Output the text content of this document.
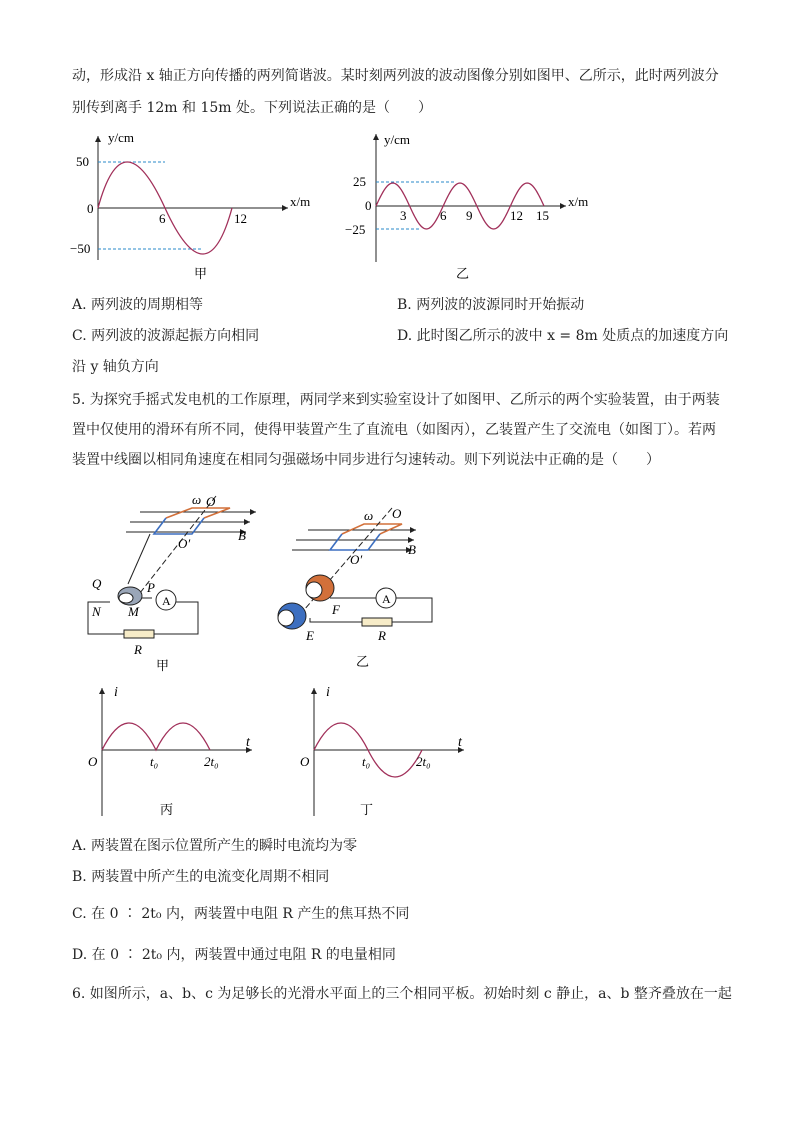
动，形成沿 x 轴正方向传播的两列简谐波。某时刻两列波的波动图像分别如图甲、乙所示，此时两列波分
别传到离手 12m 和 15m 处。下列说法正确的是（　　）
y/cm
x/m
50
−50
0
6	12
甲
y/cm
x/m
25
−25
0
3	6 9	12 15
乙
A. 两列波的周期相等	B. 两列波的波源同时开始振动
C. 两列波的波源起振方向相同	D. 此时图乙所示的波中 x = 8m 处质点的加速度方向
沿 y 轴负方向
5. 为探究手摇式发电机的工作原理，两同学来到实验室设计了如图甲、乙所示的两个实验装置，由于两装
置中仅使用的滑环有所不同，使得甲装置产生了直流电（如图丙），乙装置产生了交流电（如图丁）。若两
装置中线圈以相同角速度在相同匀强磁场中同步进行匀速转动。则下列说法中正确的是（　　）
A
ω O
O′
B
Q	P
N M
R
甲
A
ω O
O′
B
F
E	R
乙
i
t
O	t₀	2t₀
丙
i
t
O	t₀	2t₀
丁
A. 两装置在图示位置所产生的瞬时电流均为零
B. 两装置中所产生的电流变化周期不相同
C. 在 0 ∶ 2t₀ 内，两装置中电阻 R 产生的焦耳热不同
D. 在 0 ∶ 2t₀ 内，两装置中通过电阻 R 的电量相同
6. 如图所示，a、b、c 为足够长的光滑水平面上的三个相同平板。初始时刻 c 静止，a、b 整齐叠放在一起
